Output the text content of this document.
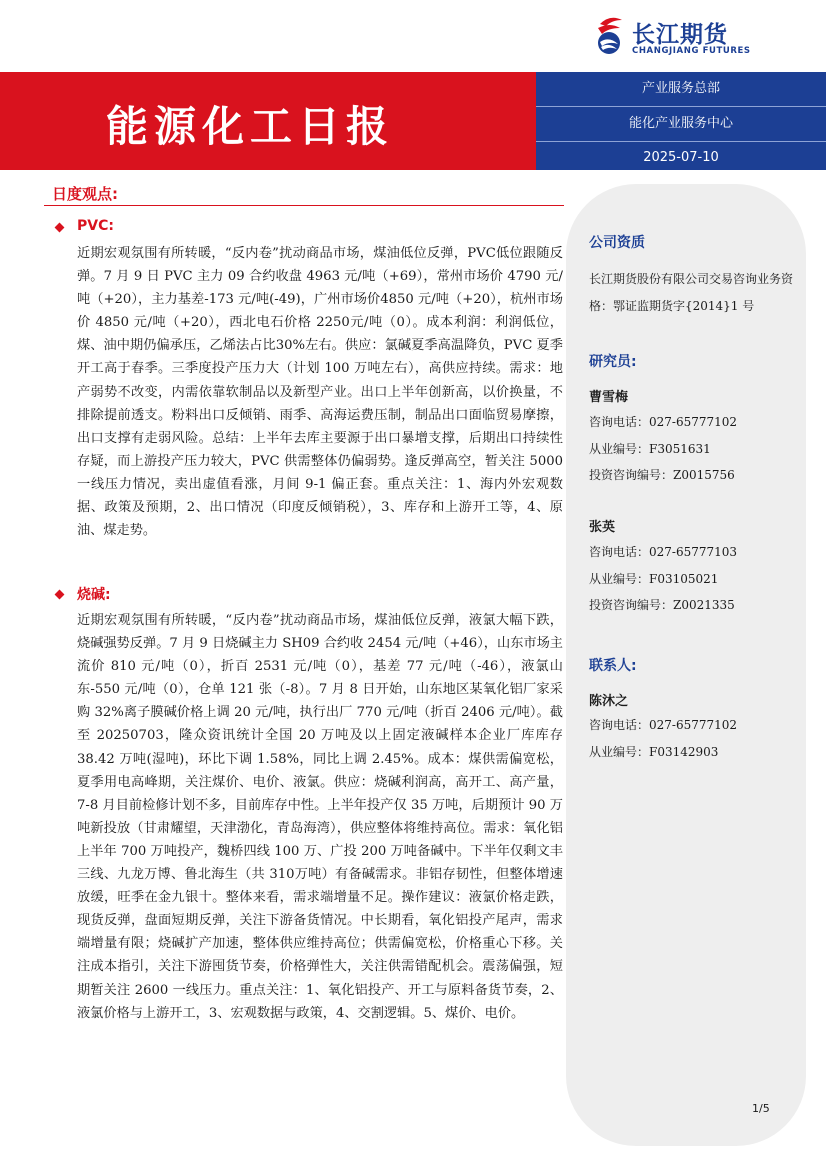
长江期货
CHANGJIANG FUTURES
能源化工日报
产业服务总部
能化产业服务中心
2025-07-10
日度观点:
PVC:
近期宏观氛围有所转暖，“反内卷”扰动商品市场，煤油低位反弹，PVC低位跟随反弹。7 月 9 日 PVC 主力 09 合约收盘 4963 元/吨（+69），常州市场价 4790 元/吨（+20），主力基差-173 元/吨(-49)，广州市场价4850 元/吨（+20），杭州市场价 4850 元/吨（+20），西北电石价格 2250元/吨（0）。成本利润：利润低位，煤、油中期仍偏承压，乙烯法占比30%左右。供应：氯碱夏季高温降负，PVC 夏季开工高于春季。三季度投产压力大（计划 100 万吨左右），高供应持续。需求：地产弱势不改变，内需依靠软制品以及新型产业。出口上半年创新高，以价换量，不排除提前透支。粉料出口反倾销、雨季、高海运费压制，制品出口面临贸易摩擦，出口支撑有走弱风险。总结：上半年去库主要源于出口暴增支撑，后期出口持续性存疑，而上游投产压力较大，PVC 供需整体仍偏弱势。逢反弹高空，暂关注 5000 一线压力情况，卖出虚值看涨，月间 9-1 偏正套。重点关注：1、海内外宏观数据、政策及预期，2、出口情况（印度反倾销税），3、库存和上游开工等，4、原油、煤走势。
烧碱:
近期宏观氛围有所转暖，“反内卷”扰动商品市场，煤油低位反弹，液氯大幅下跌，烧碱强势反弹。7 月 9 日烧碱主力 SH09 合约收 2454 元/吨（+46），山东市场主流价 810 元/吨（0），折百 2531 元/吨（0），基差 77 元/吨（-46），液氯山东-550 元/吨（0），仓单 121 张（-8）。7 月 8 日开始，山东地区某氧化铝厂家采购 32%离子膜碱价格上调 20 元/吨，执行出厂 770 元/吨（折百 2406 元/吨）。截至 20250703，隆众资讯统计全国 20 万吨及以上固定液碱样本企业厂库库存 38.42 万吨(湿吨)，环比下调 1.58%，同比上调 2.45%。成本：煤供需偏宽松，夏季用电高峰期，关注煤价、电价、液氯。供应：烧碱利润高，高开工、高产量，7-8 月目前检修计划不多，目前库存中性。上半年投产仅 35 万吨，后期预计 90 万吨新投放（甘肃耀望，天津渤化，青岛海湾），供应整体将维持高位。需求：氧化铝上半年 700 万吨投产，魏桥四线 100 万、广投 200 万吨备碱中。下半年仅剩文丰三线、九龙万博、鲁北海生（共 310万吨）有备碱需求。非铝存韧性，但整体增速放缓，旺季在金九银十。整体来看，需求端增量不足。操作建议：液氯价格走跌，现货反弹，盘面短期反弹，关注下游备货情况。中长期看，氧化铝投产尾声，需求端增量有限；烧碱扩产加速，整体供应维持高位；供需偏宽松，价格重心下移。关注成本指引，关注下游囤货节奏，价格弹性大，关注供需错配机会。震荡偏强，短期暂关注 2600 一线压力。重点关注：1、氧化铝投产、开工与原料备货节奏，2、液氯价格与上游开工，3、宏观数据与政策，4、交割逻辑。5、煤价、电价。
公司资质
长江期货股份有限公司交易咨询业务资格：鄂证监期货字{2014}1 号
研究员:
曹雪梅
咨询电话：027-65777102
从业编号：F3051631
投资咨询编号：Z0015756
张英
咨询电话：027-65777103
从业编号：F03105021
投资咨询编号：Z0021335
联系人:
陈沐之
咨询电话：027-65777102
从业编号：F03142903
1/5
